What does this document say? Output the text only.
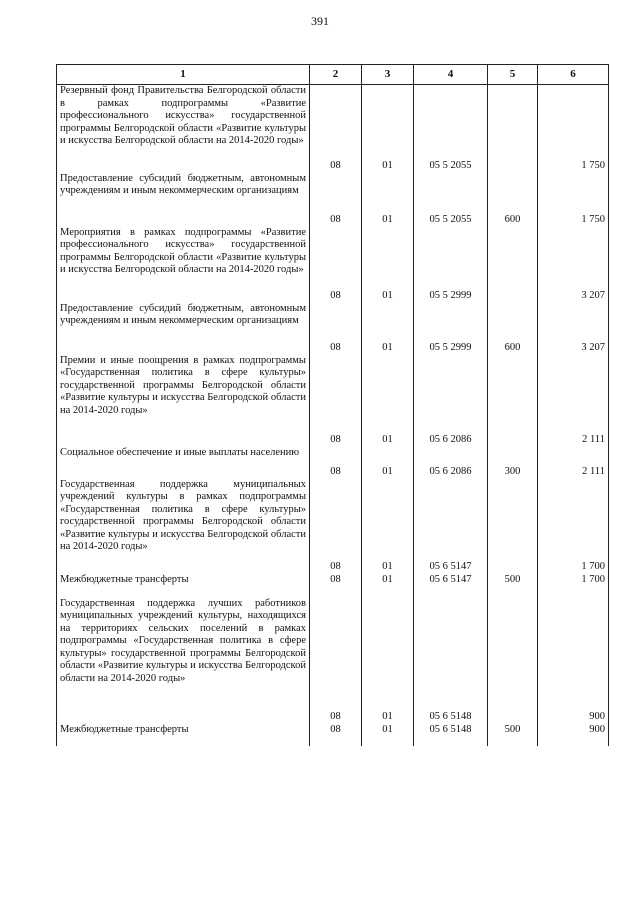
391
1	2	3	4	5	6
Резервный фонд Правительства Белгородской области в рамках подпрограммы «Развитие профессионального искусства» государственной программы Белгородской области «Развитие культуры и искусства Белгородской области на 2014-2020 годы»	08	01	05 5 2055		1 750
Предоставление субсидий бюджетным, автономным учреждениям и иным некоммерческим организациям	08	01	05 5 2055	600	1 750
Мероприятия в рамках подпрограммы «Развитие профессионального искусства» государственной программы Белгородской области «Развитие культуры и искусства Белгородской области на 2014-2020 годы»	08	01	05 5 2999		3 207
Предоставление субсидий бюджетным, автономным учреждениям и иным некоммерческим организациям	08	01	05 5 2999	600	3 207
Премии и иные поощрения в рамках подпрограммы «Государственная политика в сфере культуры» государственной программы Белгородской области «Развитие культуры и искусства Белгородской области на 2014-2020 годы»	08	01	05 6 2086		2 111
Социальное обеспечение и иные выплаты населению	08	01	05 6 2086	300	2 111
Государственная поддержка муниципальных учреждений культуры в рамках подпрограммы «Государственная политика в сфере культуры» государственной программы Белгородской области «Развитие культуры и искусства Белгородской области на 2014-2020 годы»	08	01	05 6 5147		1 700
Межбюджетные трансферты	08	01	05 6 5147	500	1 700
Государственная поддержка лучших работников муниципальных учреждений культуры, находящихся на территориях сельских поселений в рамках подпрограммы «Государственная политика в сфере культуры» государственной программы Белгородской области «Развитие культуры и искусства Белгородской области на 2014-2020 годы»	08	01	05 6 5148		900
Межбюджетные трансферты	08	01	05 6 5148	500	900
